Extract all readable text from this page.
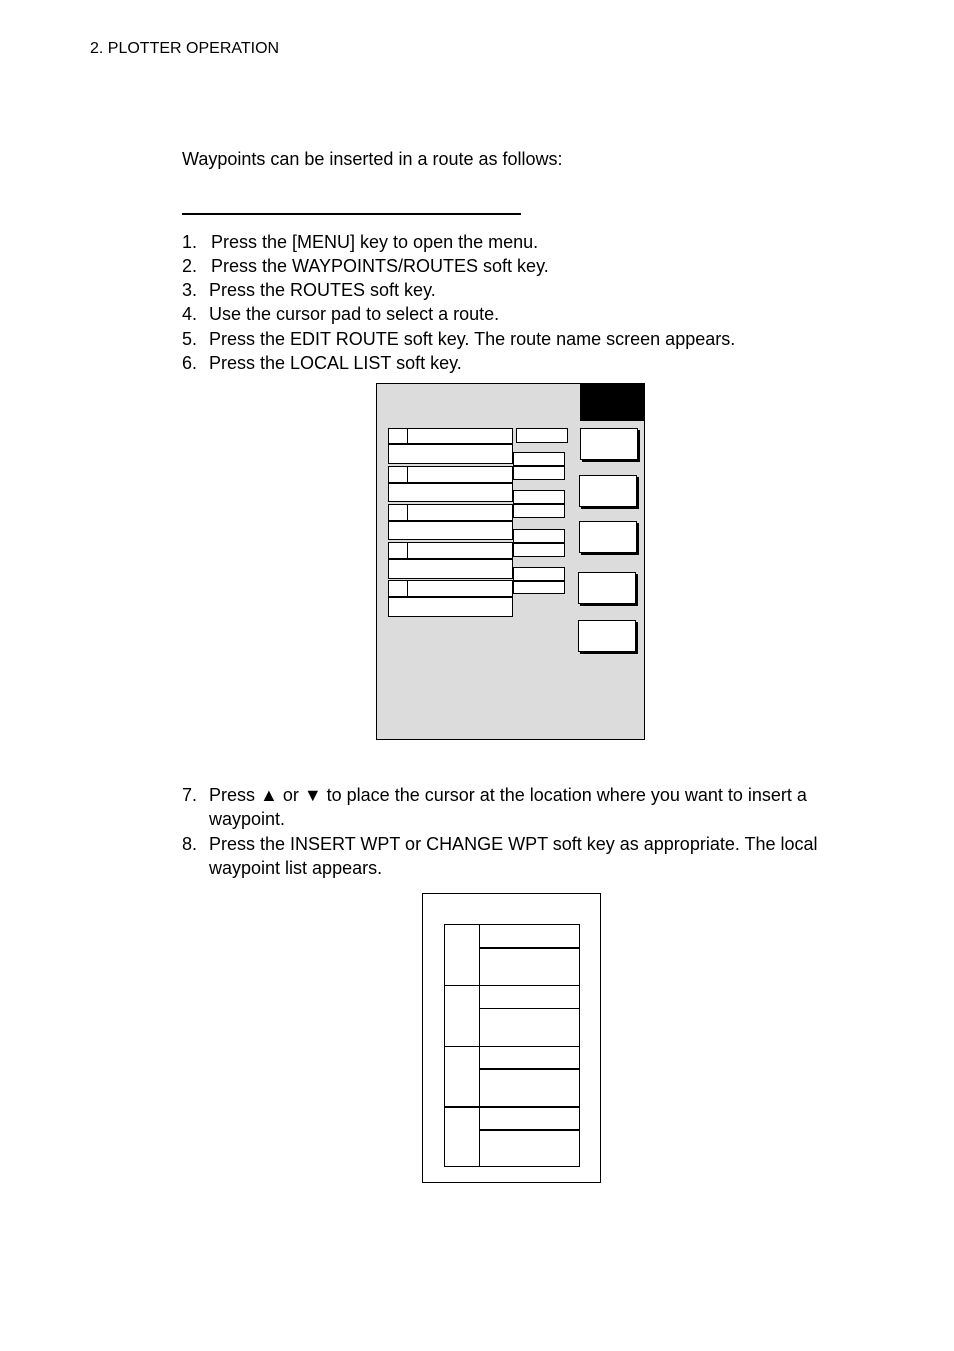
2. PLOTTER OPERATION
Waypoints can be inserted in a route as follows:
1. Press the [MENU] key to open the menu.
2. Press the WAYPOINTS/ROUTES soft key.
3. Press the ROUTES soft key.
4. Use the cursor pad to select a route.
5. Press the EDIT ROUTE soft key. The route name screen appears.
6. Press the LOCAL LIST soft key.
7. Press ▲ or ▼ to place the cursor at the location where you want to insert a
waypoint.
8. Press the INSERT WPT or CHANGE WPT soft key as appropriate. The local
waypoint list appears.
